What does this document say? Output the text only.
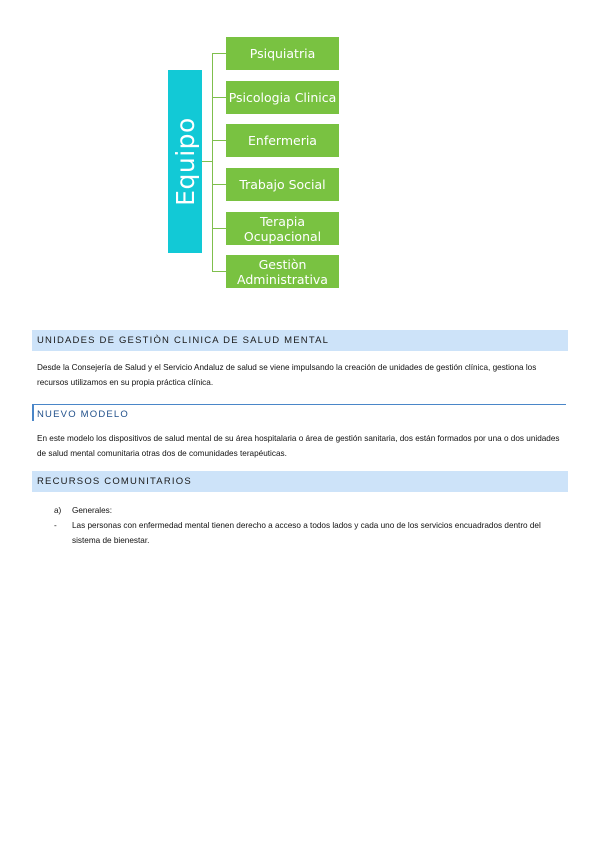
Equipo
Psiquiatria
Psicologia Clinica
Enfermeria
Trabajo Social
Terapia Ocupacional
Gestiòn Administrativa
UNIDADES DE GESTIÒN CLINICA DE SALUD MENTAL
Desde la Consejería de Salud y el Servicio Andaluz de salud se viene impulsando la creación de unidades de gestión clínica, gestiona los recursos utilizamos en su propia práctica clínica.
NUEVO MODELO
En este modelo los dispositivos de salud mental de su área hospitalaria o área de gestión sanitaria, dos están formados por una o dos unidades de salud mental comunitaria otras dos de comunidades terapéuticas.
RECURSOS COMUNITARIOS
a) Generales:
- Las personas con enfermedad mental tienen derecho a acceso a todos lados y cada uno de los servicios encuadrados dentro del sistema de bienestar.
